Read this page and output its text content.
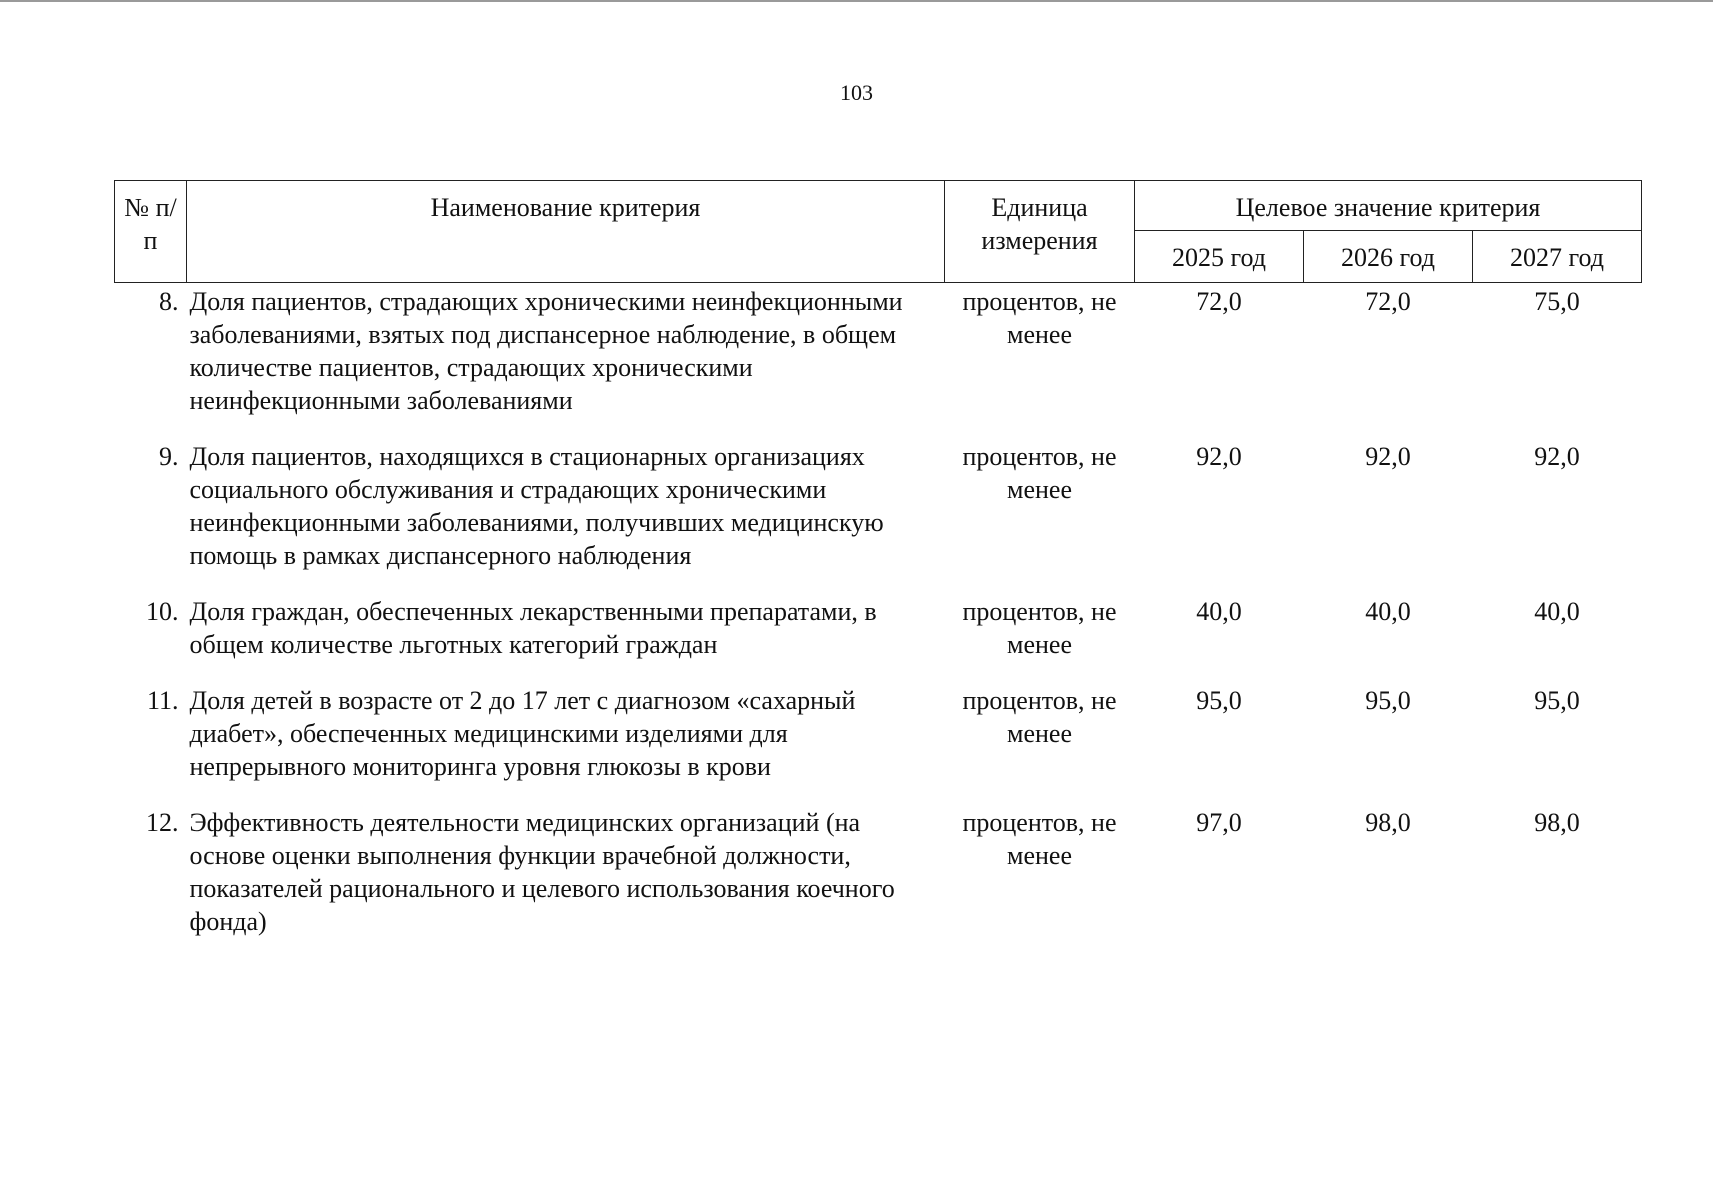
103
№ п/п	Наименование критерия	Единица измерения	Целевое значение критерия		
			2025 год	2026 год	2027 год
8.	Доля пациентов, страдающих хроническими неинфекционными заболеваниями, взятых под диспансерное наблюдение, в общем количестве пациентов, страдающих хроническими неинфекционными заболеваниями	процентов, не менее	72,0	72,0	75,0
9.	Доля пациентов, находящихся в стационарных организациях социального обслуживания и страдающих хроническими неинфекционными заболеваниями, получивших медицинскую помощь в рамках диспансерного наблюдения	процентов, не менее	92,0	92,0	92,0
10.	Доля граждан, обеспеченных лекарственными препаратами, в общем количестве льготных категорий граждан	процентов, не менее	40,0	40,0	40,0
11.	Доля детей в возрасте от 2 до 17 лет с диагнозом «сахарный диабет», обеспеченных медицинскими изделиями для непрерывного мониторинга уровня глюкозы в крови	процентов, не менее	95,0	95,0	95,0
12.	Эффективность деятельности медицинских организаций (на основе оценки выполнения функции врачебной должности, показателей рационального и целевого использования коечного фонда)	процентов, не менее	97,0	98,0	98,0
